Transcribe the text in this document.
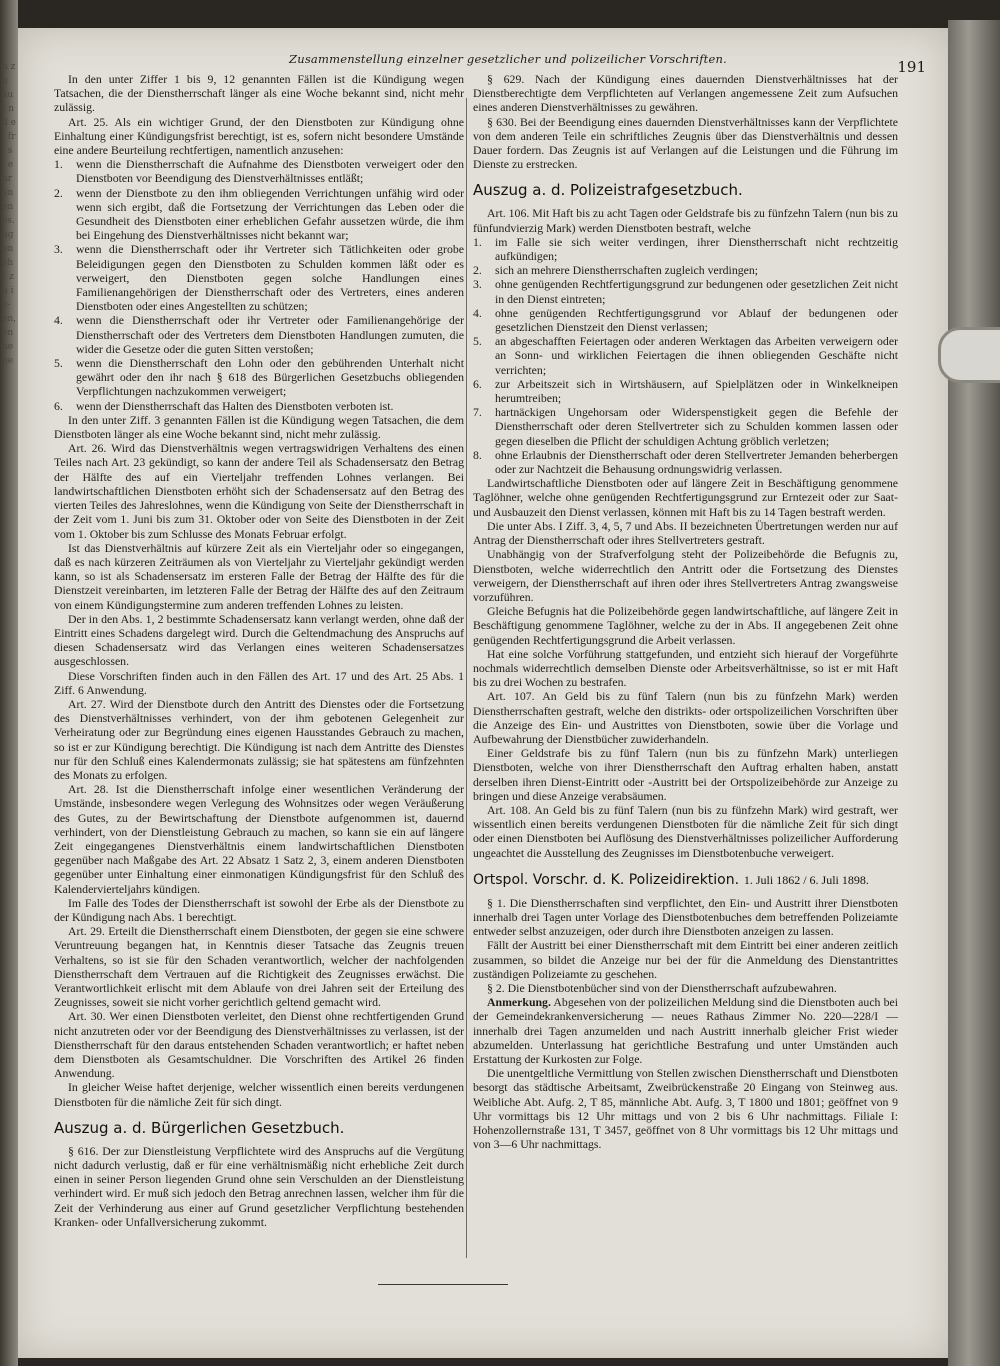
h zu auf nd ei fr- s - ehr an en os. ug on ehr zu ie- en, en he ne
Zusammenstellung einzelner gesetzlicher und polizeilicher Vorschriften.	191

In den unter Ziffer 1 bis 9, 12 genannten Fällen ist die Kündigung wegen Tatsachen, die der Dienstherrschaft länger als eine Woche bekannt sind, nicht mehr zulässig.

Art. 25. Als ein wichtiger Grund, der den Dienstboten zur Kündigung ohne Einhaltung einer Kündigungsfrist berechtigt, ist es, sofern nicht besondere Umstände eine andere Beurteilung rechtfertigen, namentlich anzusehen:

1. wenn die Dienstherrschaft die Aufnahme des Dienstboten verweigert oder den Dienstboten vor Beendigung des Dienstverhältnisses entläßt;
2. wenn der Dienstbote zu den ihm obliegenden Verrichtungen unfähig wird oder wenn sich ergibt, daß die Fortsetzung der Verrichtungen das Leben oder die Gesundheit des Dienstboten einer erheblichen Gefahr aussetzen würde, die ihm bei Eingehung des Dienstverhältnisses nicht bekannt war;
3. wenn die Dienstherrschaft oder ihr Vertreter sich Tätlichkeiten oder grobe Beleidigungen gegen den Dienstboten zu Schulden kommen läßt oder es verweigert, den Dienstboten gegen solche Handlungen eines Familienangehörigen der Dienstherrschaft oder des Vertreters, eines anderen Dienstboten oder eines Angestellten zu schützen;
4. wenn die Dienstherrschaft oder ihr Vertreter oder Familienangehörige der Dienstherrschaft oder des Vertreters dem Dienstboten Handlungen zumuten, die wider die Gesetze oder die guten Sitten verstoßen;
5. wenn die Dienstherrschaft den Lohn oder den gebührenden Unterhalt nicht gewährt oder den ihr nach § 618 des Bürgerlichen Gesetzbuchs obliegenden Verpflichtungen nachzukommen verweigert;
6. wenn der Dienstherrschaft das Halten des Dienstboten verboten ist.

In den unter Ziff. 3 genannten Fällen ist die Kündigung wegen Tatsachen, die dem Dienstboten länger als eine Woche bekannt sind, nicht mehr zulässig.

Art. 26. Wird das Dienstverhältnis wegen vertragswidrigen Verhaltens des einen Teiles nach Art. 23 gekündigt, so kann der andere Teil als Schadensersatz den Betrag der Hälfte des auf ein Vierteljahr treffenden Lohnes verlangen. Bei landwirtschaftlichen Dienstboten erhöht sich der Schadensersatz auf den Betrag des vierten Teiles des Jahreslohnes, wenn die Kündigung von Seite der Dienstherrschaft in der Zeit vom 1. Juni bis zum 31. Oktober oder von Seite des Dienstboten in der Zeit vom 1. Oktober bis zum Schlusse des Monats Februar erfolgt.

Ist das Dienstverhältnis auf kürzere Zeit als ein Vierteljahr oder so eingegangen, daß es nach kürzeren Zeiträumen als von Vierteljahr zu Vierteljahr gekündigt werden kann, so ist als Schadensersatz im ersteren Falle der Betrag der Hälfte des für die Dienstzeit vereinbarten, im letzteren Falle der Betrag der Hälfte des auf den Zeitraum von einem Kündigungstermine zum anderen treffenden Lohnes zu leisten.

Der in den Abs. 1, 2 bestimmte Schadensersatz kann verlangt werden, ohne daß der Eintritt eines Schadens dargelegt wird. Durch die Geltendmachung des Anspruchs auf diesen Schadensersatz wird das Verlangen eines weiteren Schadensersatzes ausgeschlossen.

Diese Vorschriften finden auch in den Fällen des Art. 17 und des Art. 25 Abs. 1 Ziff. 6 Anwendung.

Art. 27. Wird der Dienstbote durch den Antritt des Dienstes oder die Fortsetzung des Dienstverhältnisses verhindert, von der ihm gebotenen Gelegenheit zur Verheiratung oder zur Begründung eines eigenen Hausstandes Gebrauch zu machen, so ist er zur Kündigung berechtigt. Die Kündigung ist nach dem Antritte des Dienstes nur für den Schluß eines Kalendermonats zulässig; sie hat spätestens am fünfzehnten des Monats zu erfolgen.

Art. 28. Ist die Dienstherrschaft infolge einer wesentlichen Veränderung der Umstände, insbesondere wegen Verlegung des Wohnsitzes oder wegen Veräußerung des Gutes, zu der Bewirtschaftung der Dienstbote aufgenommen ist, dauernd verhindert, von der Dienstleistung Gebrauch zu machen, so kann sie ein auf längere Zeit eingegangenes Dienstverhältnis einem landwirtschaftlichen Dienstboten gegenüber nach Maßgabe des Art. 22 Absatz 1 Satz 2, 3, einem anderen Dienstboten gegenüber unter Einhaltung einer einmonatigen Kündigungsfrist für den Schluß des Kalendervierteljahrs kündigen.

Im Falle des Todes der Dienstherrschaft ist sowohl der Erbe als der Dienstbote zu der Kündigung nach Abs. 1 berechtigt.

Art. 29. Erteilt die Dienstherrschaft einem Dienstboten, der gegen sie eine schwere Veruntreuung begangen hat, in Kenntnis dieser Tatsache das Zeugnis treuen Verhaltens, so ist sie für den Schaden verantwortlich, welcher der nachfolgenden Dienstherrschaft dem Vertrauen auf die Richtigkeit des Zeugnisses erwächst. Die Verantwortlichkeit erlischt mit dem Ablaufe von drei Jahren seit der Erteilung des Zeugnisses, soweit sie nicht vorher gerichtlich geltend gemacht wird.

Art. 30. Wer einen Dienstboten verleitet, den Dienst ohne rechtfertigenden Grund nicht anzutreten oder vor der Beendigung des Dienstverhältnisses zu verlassen, ist der Dienstherrschaft für den daraus entstehenden Schaden verantwortlich; er haftet neben dem Dienstboten als Gesamtschuldner. Die Vorschriften des Artikel 26 finden Anwendung.

In gleicher Weise haftet derjenige, welcher wissentlich einen bereits verdungenen Dienstboten für die nämliche Zeit für sich dingt.

Auszug a. d. Bürgerlichen Gesetzbuch.

§ 616. Der zur Dienstleistung Verpflichtete wird des Anspruchs auf die Vergütung nicht dadurch verlustig, daß er für eine verhältnismäßig nicht erhebliche Zeit durch einen in seiner Person liegenden Grund ohne sein Verschulden an der Dienstleistung verhindert wird. Er muß sich jedoch den Betrag anrechnen lassen, welcher ihm für die Zeit der Verhinderung aus einer auf Grund gesetzlicher Verpflichtung bestehenden Kranken- oder Unfallversicherung zukommt.

§ 629. Nach der Kündigung eines dauernden Dienstverhältnisses hat der Dienstberechtigte dem Verpflichteten auf Verlangen angemessene Zeit zum Aufsuchen eines anderen Dienstverhältnisses zu gewähren.

§ 630. Bei der Beendigung eines dauernden Dienstverhältnisses kann der Verpflichtete von dem anderen Teile ein schriftliches Zeugnis über das Dienstverhältnis und dessen Dauer fordern. Das Zeugnis ist auf Verlangen auf die Leistungen und die Führung im Dienste zu erstrecken.

Auszug a. d. Polizeistrafgesetzbuch.

Art. 106. Mit Haft bis zu acht Tagen oder Geldstrafe bis zu fünfzehn Talern (nun bis zu fünfundvierzig Mark) werden Dienstboten bestraft, welche

1. im Falle sie sich weiter verdingen, ihrer Dienstherrschaft nicht rechtzeitig aufkündigen;
2. sich an mehrere Dienstherrschaften zugleich verdingen;
3. ohne genügenden Rechtfertigungsgrund zur bedungenen oder gesetzlichen Zeit nicht in den Dienst eintreten;
4. ohne genügenden Rechtfertigungsgrund vor Ablauf der bedungenen oder gesetzlichen Dienstzeit den Dienst verlassen;
5. an abgeschafften Feiertagen oder anderen Werktagen das Arbeiten verweigern oder an Sonn- und wirklichen Feiertagen die ihnen obliegenden Geschäfte nicht verrichten;
6. zur Arbeitszeit sich in Wirtshäusern, auf Spielplätzen oder in Winkelkneipen herumtreiben;
7. hartnäckigen Ungehorsam oder Widerspenstigkeit gegen die Befehle der Dienstherrschaft oder deren Stellvertreter sich zu Schulden kommen lassen oder gegen dieselben die Pflicht der schuldigen Achtung gröblich verletzen;
8. ohne Erlaubnis der Dienstherrschaft oder deren Stellvertreter Jemanden beherbergen oder zur Nachtzeit die Behausung ordnungswidrig verlassen.

Landwirtschaftliche Dienstboten oder auf längere Zeit in Beschäftigung genommene Taglöhner, welche ohne genügenden Rechtfertigungsgrund zur Erntezeit oder zur Saat- und Ausbauzeit den Dienst verlassen, können mit Haft bis zu 14 Tagen bestraft werden.

Die unter Abs. I Ziff. 3, 4, 5, 7 und Abs. II bezeichneten Übertretungen werden nur auf Antrag der Dienstherrschaft oder ihres Stellvertreters gestraft.

Unabhängig von der Strafverfolgung steht der Polizeibehörde die Befugnis zu, Dienstboten, welche widerrechtlich den Antritt oder die Fortsetzung des Dienstes verweigern, der Dienstherrschaft auf ihren oder ihres Stellvertreters Antrag zwangsweise vorzuführen.

Gleiche Befugnis hat die Polizeibehörde gegen landwirtschaftliche, auf längere Zeit in Beschäftigung genommene Taglöhner, welche zu der in Abs. II angegebenen Zeit ohne genügenden Rechtfertigungsgrund die Arbeit verlassen.

Hat eine solche Vorführung stattgefunden, und entzieht sich hierauf der Vorgeführte nochmals widerrechtlich demselben Dienste oder Arbeitsverhältnisse, so ist er mit Haft bis zu drei Wochen zu bestrafen.

Art. 107. An Geld bis zu fünf Talern (nun bis zu fünfzehn Mark) werden Dienstherrschaften gestraft, welche den distrikts- oder ortspolizeilichen Vorschriften über die Anzeige des Ein- und Austrittes von Dienstboten, sowie über die Vorlage und Aufbewahrung der Dienstbücher zuwiderhandeln.

Einer Geldstrafe bis zu fünf Talern (nun bis zu fünfzehn Mark) unterliegen Dienstboten, welche von ihrer Dienstherrschaft den Auftrag erhalten haben, anstatt derselben ihren Dienst-Eintritt oder -Austritt bei der Ortspolizeibehörde zur Anzeige zu bringen und diese Anzeige verabsäumen.

Art. 108. An Geld bis zu fünf Talern (nun bis zu fünfzehn Mark) wird gestraft, wer wissentlich einen bereits verdungenen Dienstboten für die nämliche Zeit für sich dingt oder einen Dienstboten bei Auflösung des Dienstverhältnisses polizeilicher Aufforderung ungeachtet die Ausstellung des Zeugnisses im Dienstbotenbuche verweigert.

Ortspol. Vorschr. d. K. Polizeidirektion. 1. Juli 1862 / 6. Juli 1898.

§ 1. Die Dienstherrschaften sind verpflichtet, den Ein- und Austritt ihrer Dienstboten innerhalb drei Tagen unter Vorlage des Dienstbotenbuches dem betreffenden Polizeiamte entweder selbst anzuzeigen, oder durch ihre Dienstboten anzeigen zu lassen.

Fällt der Austritt bei einer Dienstherrschaft mit dem Eintritt bei einer anderen zeitlich zusammen, so bildet die Anzeige nur bei der für die Anmeldung des Dienstantrittes zuständigen Polizeiamte zu geschehen.

§ 2. Die Dienstbotenbücher sind von der Dienstherrschaft aufzubewahren.

Anmerkung. Abgesehen von der polizeilichen Meldung sind die Dienstboten auch bei der Gemeindekrankenversicherung — neues Rathaus Zimmer No. 220—228/I — innerhalb drei Tagen anzumelden und nach Austritt innerhalb gleicher Frist wieder abzumelden. Unterlassung hat gerichtliche Bestrafung und unter Umständen auch Erstattung der Kurkosten zur Folge.

Die unentgeltliche Vermittlung von Stellen zwischen Dienstherrschaft und Dienstboten besorgt das städtische Arbeitsamt, Zweibrückenstraße 20 Eingang von Steinweg aus. Weibliche Abt. Aufg. 2, T 85, männliche Abt. Aufg. 3, T 1800 und 1801; geöffnet von 9 Uhr vormittags bis 12 Uhr mittags und von 2 bis 6 Uhr nachmittags. Filiale I: Hohenzollernstraße 131, T 3457, geöffnet von 8 Uhr vormittags bis 12 Uhr mittags und von 3—6 Uhr nachmittags.
